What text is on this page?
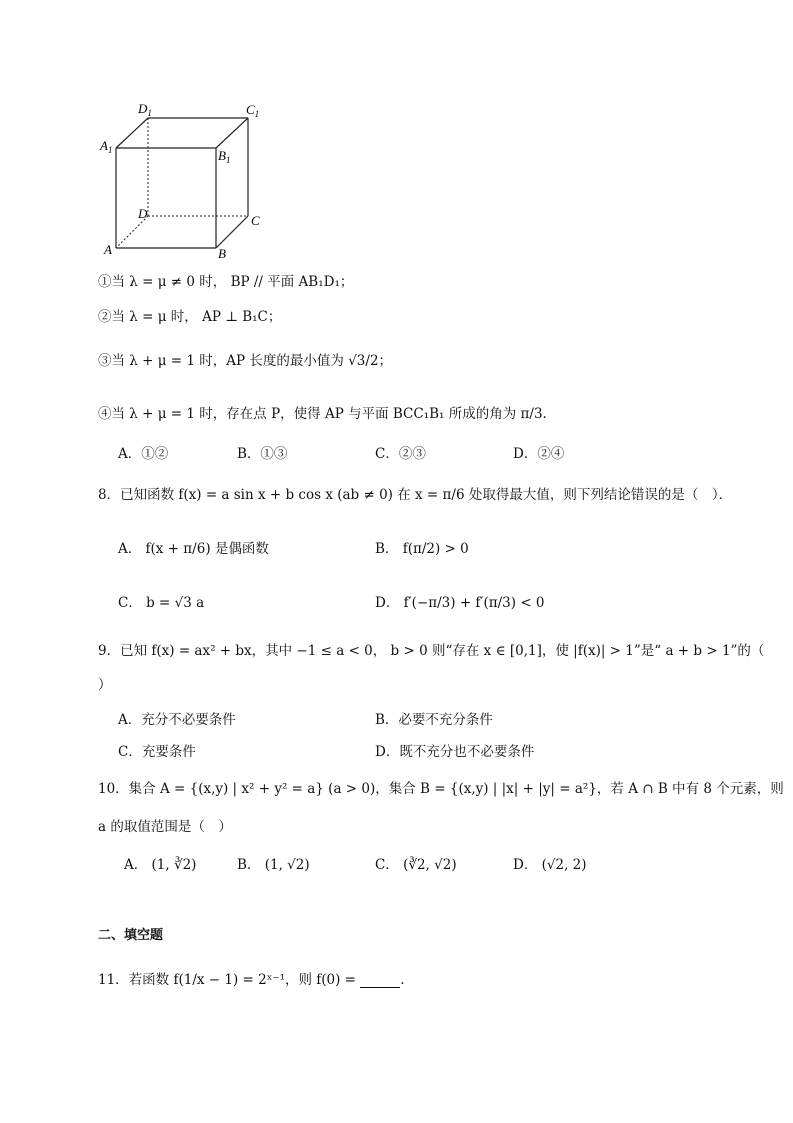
$D_1$	$C_1$
$A_1$	$B_1$
D	C
A	B
①当 λ = μ ≠ 0 时， BP // 平面 AB₁D₁；
②当 λ = μ 时， AP ⊥ B₁C；
③当 λ + μ = 1 时，AP 长度的最小值为 √3/2；
④当 λ + μ = 1 时，存在点 P，使得 AP 与平面 BCC₁B₁ 所成的角为 π/3.
A．①②	B．①③	C．②③	D．②④
8．已知函数 f(x) = a sin x + b cos x (ab ≠ 0) 在 x = π/6 处取得最大值，则下列结论错误的是（　）．
A． f(x + π/6) 是偶函数	B． f(π/2) > 0
C． b = √3 a	D． f′(−π/3) + f′(π/3) < 0
9．已知 f(x) = ax² + bx，其中 −1 ≤ a < 0， b > 0 则“存在 x ∈ [0,1]，使 |f(x)| > 1”是“ a + b > 1”的（
）
A．充分不必要条件	B．必要不充分条件
C．充要条件	D．既不充分也不必要条件
10．集合 A = {(x,y) | x² + y² = a} (a > 0)，集合 B = {(x,y) | |x| + |y| = a²}，若 A ∩ B 中有 8 个元素，则
a 的取值范围是（　）
A． (1, ∛2)	B． (1, √2)	C． (∛2, √2)	D． (√2, 2)
二、填空题
11．若函数 f(1/x − 1) = 2ˣ⁻¹，则 f(0) =	.
